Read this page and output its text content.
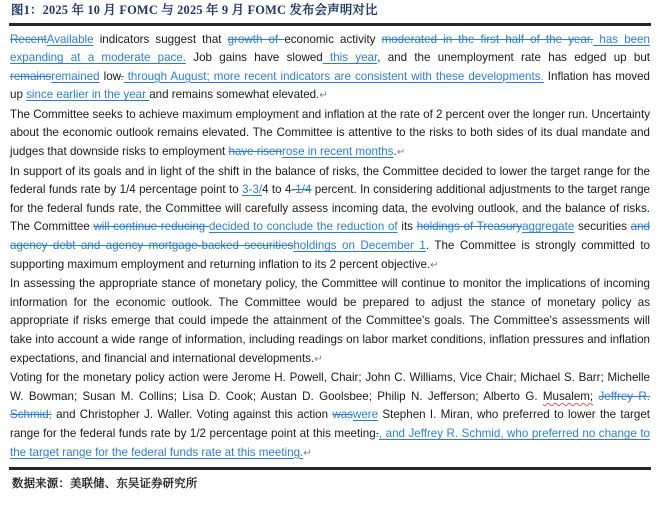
图1：2025 年 10 月 FOMC 与 2025 年 9 月 FOMC 发布会声明对比

RecentAvailable indicators suggest that growth of economic activity moderated in the first half of the year. has been expanding at a moderate pace. Job gains have slowed this year, and the unemployment rate has edged up but remainsremained low. through August; more recent indicators are consistent with these developments. Inflation has moved up since earlier in the year and remains somewhat elevated.↵

The Committee seeks to achieve maximum employment and inflation at the rate of 2 percent over the longer run. Uncertainty about the economic outlook remains elevated. The Committee is attentive to the risks to both sides of its dual mandate and judges that downside risks to employment have risenrose in recent months.↵

In support of its goals and in light of the shift in the balance of risks, the Committee decided to lower the target range for the federal funds rate by 1/4 percentage point to 3-3/4 to 4-1/4 percent. In considering additional adjustments to the target range for the federal funds rate, the Committee will carefully assess incoming data, the evolving outlook, and the balance of risks. The Committee will continue reducing decided to conclude the reduction of its holdings of Treasuryaggregate securities and agency debt and agency mortgage-backed securitiesholdings on December 1. The Committee is strongly committed to supporting maximum employment and returning inflation to its 2 percent objective.↵

In assessing the appropriate stance of monetary policy, the Committee will continue to monitor the implications of incoming information for the economic outlook. The Committee would be prepared to adjust the stance of monetary policy as appropriate if risks emerge that could impede the attainment of the Committee's goals. The Committee's assessments will take into account a wide range of information, including readings on labor market conditions, inflation pressures and inflation expectations, and financial and international developments.↵

Voting for the monetary policy action were Jerome H. Powell, Chair; John C. Williams, Vice Chair; Michael S. Barr; Michelle W. Bowman; Susan M. Collins; Lisa D. Cook; Austan D. Goolsbee; Philip N. Jefferson; Alberto G. Musalem; Jeffrey R. Schmid; and Christopher J. Waller. Voting against this action waswere Stephen I. Miran, who preferred to lower the target range for the federal funds rate by 1/2 percentage point at this meeting., and Jeffrey R. Schmid, who preferred no change to the target range for the federal funds rate at this meeting.↵

数据来源：美联储、东吴证券研究所
